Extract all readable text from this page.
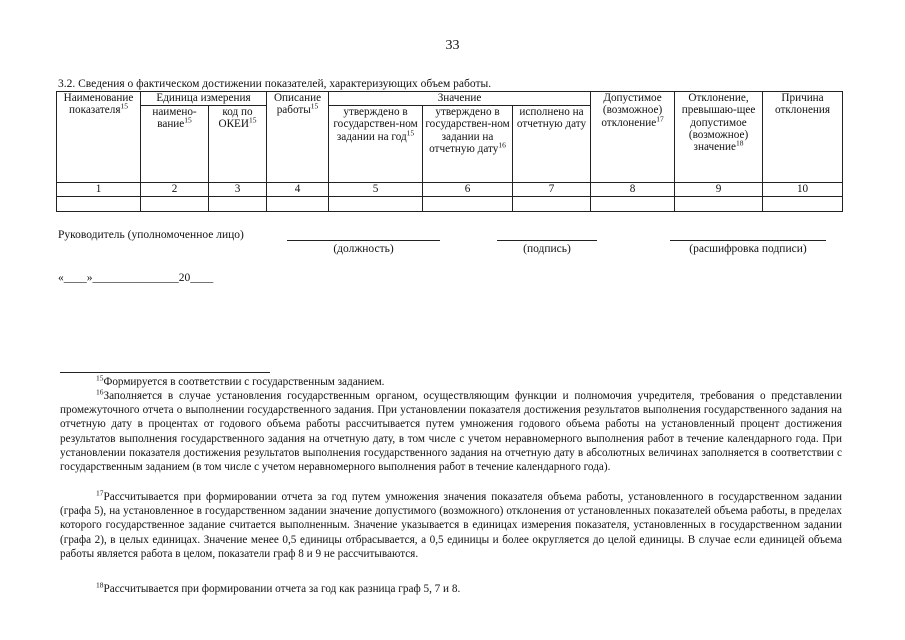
33
3.2. Сведения о фактическом достижении показателей, характеризующих объем работы.
Наименование показателя$^{15}$	Единица измерения		Описание работы$^{15}$	Значение			Допустимое (возможное) отклонение$^{17}$	Отклонение, превышаю-щее допустимое (возможное) значение$^{18}$	Причина отклонения
	наимено-вание$^{15}$	код по ОКЕИ$^{15}$		утверждено в государствен-ном задании на год$^{15}$	утверждено в государствен-ном задании на отчетную дату$^{16}$	исполнено на отчетную дату			
1	2	3	4	5	6	7	8	9	10

Руководитель (уполномоченное лицо)
(должность)	(подпись)	(расшифровка подписи)
«____»_______________20____
$^{15}$Формируется в соответствии с государственным заданием.
$^{16}$Заполняется в случае установления государственным органом, осуществляющим функции и полномочия учредителя, требования о представлении промежуточного отчета о выполнении государственного задания. При установлении показателя достижения результатов выполнения государственного задания на отчетную дату в процентах от годового объема работы рассчитывается путем умножения годового объема работы на установленный процент достижения результатов выполнения государственного задания на отчетную дату, в том числе с учетом неравномерного выполнения работ в течение календарного года. При установлении показателя достижения результатов выполнения государственного задания на отчетную дату в абсолютных величинах заполняется в соответствии с государственным заданием (в том числе с учетом неравномерного выполнения работ в течение календарного года).
$^{17}$Рассчитывается при формировании отчета за год путем умножения значения показателя объема работы, установленного в государственном задании (графа 5), на установленное в государственном задании значение допустимого (возможного) отклонения от установленных показателей объема работы, в пределах которого государственное задание считается выполненным. Значение указывается в единицах измерения показателя, установленных в государственном задании (графа 2), в целых единицах. Значение менее 0,5 единицы отбрасывается, а 0,5 единицы и более округляется до целой единицы. В случае если единицей объема работы является работа в целом, показатели граф 8 и 9 не рассчитываются.
$^{18}$Рассчитывается при формировании отчета за год как разница граф 5, 7 и 8.
